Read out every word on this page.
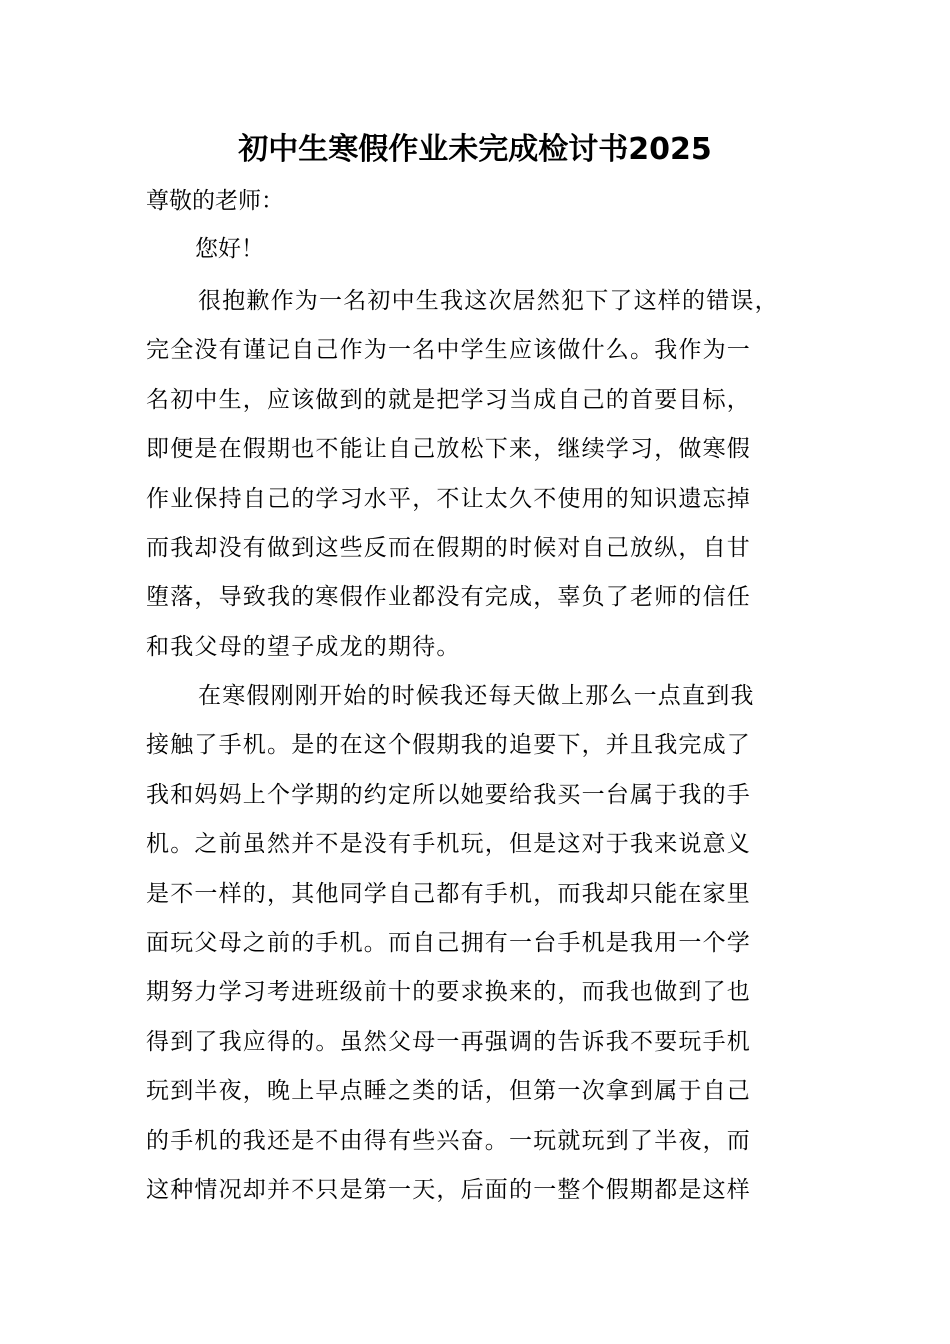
初中生寒假作业未完成检讨书2025
尊敬的老师：
您好！
很抱歉作为一名初中生我这次居然犯下了这样的错误，
完全没有谨记自己作为一名中学生应该做什么。我作为一
名初中生，应该做到的就是把学习当成自己的首要目标，
即便是在假期也不能让自己放松下来，继续学习，做寒假
作业保持自己的学习水平，不让太久不使用的知识遗忘掉
而我却没有做到这些反而在假期的时候对自己放纵，自甘
堕落，导致我的寒假作业都没有完成，辜负了老师的信任
和我父母的望子成龙的期待。
在寒假刚刚开始的时候我还每天做上那么一点直到我
接触了手机。是的在这个假期我的追要下，并且我完成了
我和妈妈上个学期的约定所以她要给我买一台属于我的手
机。之前虽然并不是没有手机玩，但是这对于我来说意义
是不一样的，其他同学自己都有手机，而我却只能在家里
面玩父母之前的手机。而自己拥有一台手机是我用一个学
期努力学习考进班级前十的要求换来的，而我也做到了也
得到了我应得的。虽然父母一再强调的告诉我不要玩手机
玩到半夜，晚上早点睡之类的话，但第一次拿到属于自己
的手机的我还是不由得有些兴奋。一玩就玩到了半夜，而
这种情况却并不只是第一天，后面的一整个假期都是这样
